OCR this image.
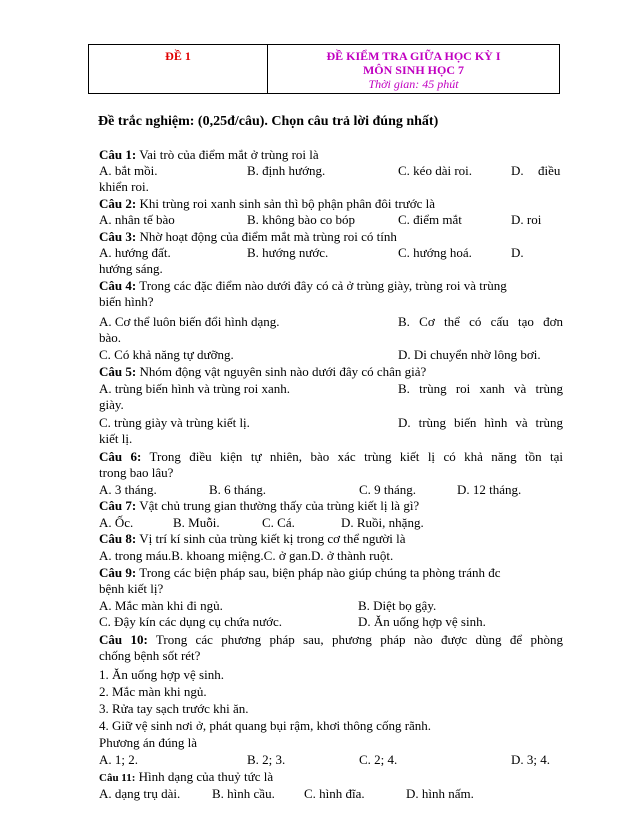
ĐỀ 1	ĐỀ KIỂM TRA GIỮA HỌC KỲ I
MÔN SINH HỌC 7
Thời gian: 45 phút
Đề trắc nghiệm: (0,25đ/câu). Chọn câu trả lời đúng nhất)
Câu 1: Vai trò của điểm mắt ở trùng roi là
A. bắt mồi.	B. định hướng.	C. kéo dài roi.	D. điều
khiển roi.
Câu 2: Khi trùng roi xanh sinh sản thì bộ phận phân đôi trước là
A. nhân tế bào	B. không bào co bóp	C. điểm mắt	D. roi
Câu 3: Nhờ hoạt động của điểm mắt mà trùng roi có tính
A. hướng đất.	B. hướng nước.	C. hướng hoá.	D.
hướng sáng.
Câu 4: Trong các đặc điểm nào dưới đây có cả ở trùng giày, trùng roi và trùng
biến hình?
A. Cơ thể luôn biến đổi hình dạng.	B. Cơ thể có cấu tạo đơn
bào.
C. Có khả năng tự dưỡng.	D. Di chuyển nhờ lông bơi.
Câu 5: Nhóm động vật nguyên sinh nào dưới đây có chân giả?
A. trùng biến hình và trùng roi xanh.	B. trùng roi xanh và trùng
giày.
C. trùng giày và trùng kiết lị.	D. trùng biến hình và trùng
kiết lị.
Câu 6: Trong điều kiện tự nhiên, bào xác trùng kiết lị có khả năng tồn tại
trong bao lâu?
A. 3 tháng.	B. 6 tháng.	C. 9 tháng.	D. 12 tháng.
Câu 7: Vật chủ trung gian thường thấy của trùng kiết lị là gì?
A. Ốc.	B. Muỗi.	C. Cá.	D. Ruồi, nhặng.
Câu 8: Vị trí kí sinh của trùng kiết kị trong cơ thể người là
A. trong máu.B. khoang miệng.C. ở gan.D. ở thành ruột.
Câu 9: Trong các biện pháp sau, biện pháp nào giúp chúng ta phòng tránh đc
bệnh kiết lị?
A. Mắc màn khi đi ngủ.	B. Diệt bọ gậy.
C. Đậy kín các dụng cụ chứa nước.	D. Ăn uống hợp vệ sinh.
Câu 10: Trong các phương pháp sau, phương pháp nào được dùng để phòng
chống bệnh sốt rét?
1. Ăn uống hợp vệ sinh.
2. Mắc màn khi ngủ.
3. Rửa tay sạch trước khi ăn.
4. Giữ vệ sinh nơi ở, phát quang bụi rậm, khơi thông cống rãnh.
Phương án đúng là
A. 1; 2.	B. 2; 3.	C. 2; 4.	D. 3; 4.
Câu 11: Hình dạng của thuỷ tức là
A. dạng trụ dài. B. hình cầu. C. hình đĩa.	D. hình nấm.
